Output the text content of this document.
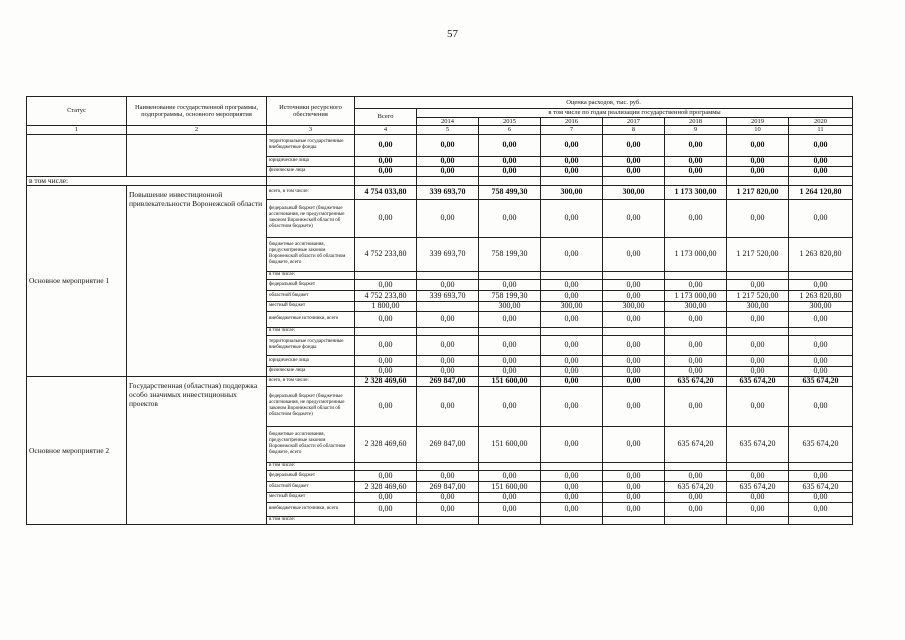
57
Статус	Наименование государственной программы, подпрограммы, основного мероприятия	Источники ресурсного обеспечения	Оценка расходов, тыс. руб.							
			Всего	в том числе по годам реализации государственной программы						
				2014	2015	2016	2017	2018	2019	2020
1	2	3	4	5	6	7	8	9	10	11
		территориальные государственные внебюджетные фонды	0,00	0,00	0,00	0,00	0,00	0,00	0,00	0,00
		юридические лица	0,00	0,00	0,00	0,00	0,00	0,00	0,00	0,00
		физические лица	0,00	0,00	0,00	0,00	0,00	0,00	0,00	0,00
в том числе:										
Основное мероприятие 1	Повышение инвестиционной привлекательности Воронежской области	всего, в том числе:	4 754 033,80	339 693,70	758 499,30	300,00	300,00	1 173 300,00	1 217 820,00	1 264 120,80
		федеральный бюджет (бюджетные ассигнования, не предусмотренные законом Воронежской области об областном бюджете)	0,00	0,00	0,00	0,00	0,00	0,00	0,00	0,00
		бюджетные ассигнования, предусмотренные законом Воронежской области об областном бюджете, всего	4 752 233,80	339 693,70	758 199,30	0,00	0,00	1 173 000,00	1 217 520,00	1 263 820,80
		в том числе:								
		федеральный бюджет	0,00	0,00	0,00	0,00	0,00	0,00	0,00	0,00
		областной бюджет	4 752 233,80	339 693,70	758 199,30	0,00	0,00	1 173 000,00	1 217 520,00	1 263 820,80
		местный бюджет	1 800,00		300,00	300,00	300,00	300,00	300,00	300,00
		внебюджетные источники, всего	0,00	0,00	0,00	0,00	0,00	0,00	0,00	0,00
		в том числе:								
		территориальные государственные внебюджетные фонды	0,00	0,00	0,00	0,00	0,00	0,00	0,00	0,00
		юридические лица	0,00	0,00	0,00	0,00	0,00	0,00	0,00	0,00
		физические лица	0,00	0,00	0,00	0,00	0,00	0,00	0,00	0,00
Основное мероприятие 2	Государственная (областная) поддержка особо значимых инвестиционных проектов	всего, в том числе:	2 328 469,60	269 847,00	151 600,00	0,00	0,00	635 674,20	635 674,20	635 674,20
		федеральный бюджет (бюджетные ассигнования, не предусмотренные законом Воронежской области об областном бюджете)	0,00	0,00	0,00	0,00	0,00	0,00	0,00	0,00
		бюджетные ассигнования, предусмотренные законом Воронежской области об областном бюджете, всего	2 328 469,60	269 847,00	151 600,00	0,00	0,00	635 674,20	635 674,20	635 674,20
		в том числе:								
		федеральный бюджет	0,00	0,00	0,00	0,00	0,00	0,00	0,00	0,00
		областной бюджет	2 328 469,60	269 847,00	151 600,00	0,00	0,00	635 674,20	635 674,20	635 674,20
		местный бюджет	0,00	0,00	0,00	0,00	0,00	0,00	0,00	0,00
		внебюджетные источники, всего	0,00	0,00	0,00	0,00	0,00	0,00	0,00	0,00
		в том числе:								
